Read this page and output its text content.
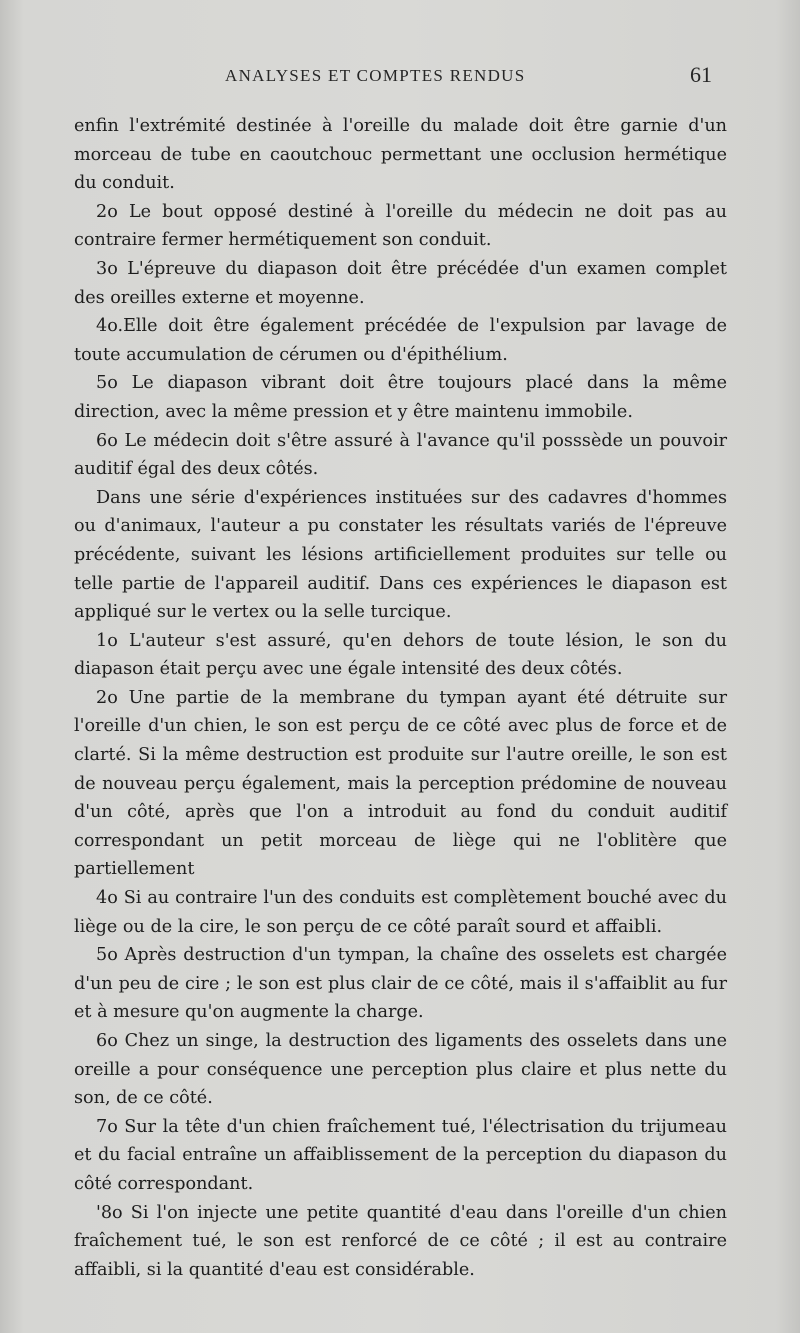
ANALYSES ET COMPTES RENDUS	61

enfin l'extrémité destinée à l'oreille du malade doit être garnie d'un morceau de tube en caoutchouc permettant une occlusion hermétique du conduit.

2o Le bout opposé destiné à l'oreille du médecin ne doit pas au contraire fermer hermétiquement son conduit.

3o L'épreuve du diapason doit être précédée d'un examen complet des oreilles externe et moyenne.

4o.Elle doit être également précédée de l'expulsion par lavage de toute accumulation de cérumen ou d'épithélium.

5o Le diapason vibrant doit être toujours placé dans la même direction, avec la même pression et y être maintenu immobile.

6o Le médecin doit s'être assuré à l'avance qu'il posssède un pouvoir auditif égal des deux côtés.

Dans une série d'expériences instituées sur des cadavres d'hommes ou d'animaux, l'auteur a pu constater les résultats variés de l'épreuve précédente, suivant les lésions artificiellement produites sur telle ou telle partie de l'appareil auditif. Dans ces expériences le diapason est appliqué sur le vertex ou la selle turcique.

1o L'auteur s'est assuré, qu'en dehors de toute lésion, le son du diapason était perçu avec une égale intensité des deux côtés.

2o Une partie de la membrane du tympan ayant été détruite sur l'oreille d'un chien, le son est perçu de ce côté avec plus de force et de clarté. Si la même destruction est produite sur l'autre oreille, le son est de nouveau perçu également, mais la perception prédomine de nouveau d'un côté, après que l'on a introduit au fond du conduit auditif correspondant un petit morceau de liège qui ne l'oblitère que partiellement

4o Si au contraire l'un des conduits est complètement bouché avec du liège ou de la cire, le son perçu de ce côté paraît sourd et affaibli.

5o Après destruction d'un tympan, la chaîne des osselets est chargée d'un peu de cire ; le son est plus clair de ce côté, mais il s'affaiblit au fur et à mesure qu'on augmente la charge.

6o Chez un singe, la destruction des ligaments des osselets dans une oreille a pour conséquence une perception plus claire et plus nette du son, de ce côté.

7o Sur la tête d'un chien fraîchement tué, l'électrisation du trijumeau et du facial entraîne un affaiblissement de la perception du diapason du côté correspondant.

'8o Si l'on injecte une petite quantité d'eau dans l'oreille d'un chien fraîchement tué, le son est renforcé de ce côté ; il est au contraire affaibli, si la quantité d'eau est considérable.
